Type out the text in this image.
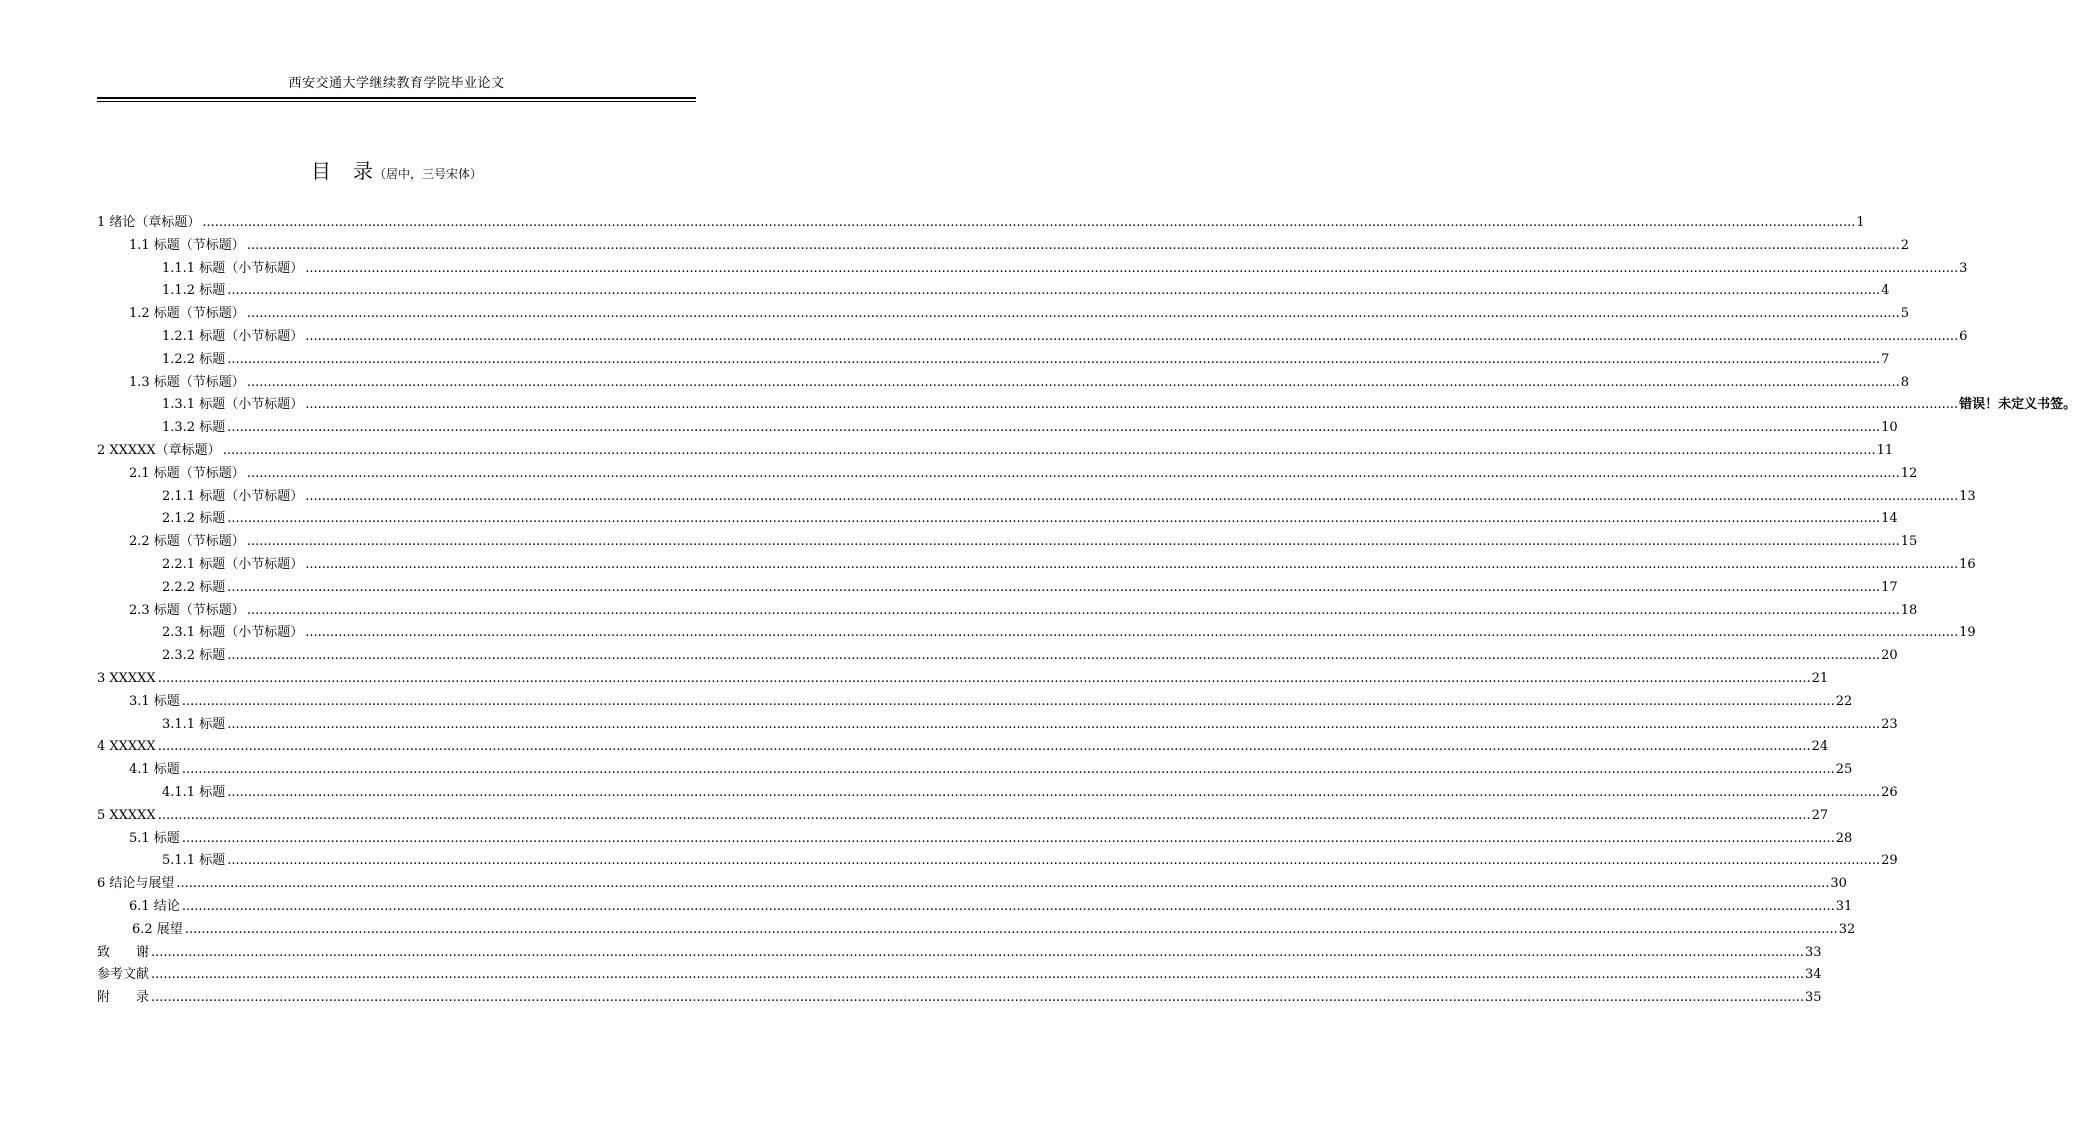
西安交通大学继续教育学院毕业论文
目　录（居中，三号宋体）
1 绪论（章标题） ................................................................................................................................................................................................................................................................................................................................................................................................................ 1
1.1 标题（节标题） ................................................................................................................................................................................................................................................................................................................................................................................................................ 2
1.1.1 标题（小节标题） ................................................................................................................................................................................................................................................................................................................................................................................................................ 3
1.1.2 标题 ................................................................................................................................................................................................................................................................................................................................................................................................................ 4
1.2 标题（节标题） ................................................................................................................................................................................................................................................................................................................................................................................................................ 5
1.2.1 标题（小节标题） ................................................................................................................................................................................................................................................................................................................................................................................................................ 6
1.2.2 标题 ................................................................................................................................................................................................................................................................................................................................................................................................................ 7
1.3 标题（节标题） ................................................................................................................................................................................................................................................................................................................................................................................................................ 8
1.3.1 标题（小节标题） ................................................................................................................................................................................................................................................................................................................................................................................................................ 错误！未定义书签。
1.3.2 标题 ................................................................................................................................................................................................................................................................................................................................................................................................................ 10
2 XXXXX（章标题） ................................................................................................................................................................................................................................................................................................................................................................................................................ 11
2.1 标题（节标题） ................................................................................................................................................................................................................................................................................................................................................................................................................ 12
2.1.1 标题（小节标题） ................................................................................................................................................................................................................................................................................................................................................................................................................ 13
2.1.2 标题 ................................................................................................................................................................................................................................................................................................................................................................................................................ 14
2.2 标题（节标题） ................................................................................................................................................................................................................................................................................................................................................................................................................ 15
2.2.1 标题（小节标题） ................................................................................................................................................................................................................................................................................................................................................................................................................ 16
2.2.2 标题 ................................................................................................................................................................................................................................................................................................................................................................................................................ 17
2.3 标题（节标题） ................................................................................................................................................................................................................................................................................................................................................................................................................ 18
2.3.1 标题（小节标题） ................................................................................................................................................................................................................................................................................................................................................................................................................ 19
2.3.2 标题 ................................................................................................................................................................................................................................................................................................................................................................................................................ 20
3 XXXXX ................................................................................................................................................................................................................................................................................................................................................................................................................ 21
3.1 标题 ................................................................................................................................................................................................................................................................................................................................................................................................................ 22
3.1.1 标题 ................................................................................................................................................................................................................................................................................................................................................................................................................ 23
4 XXXXX ................................................................................................................................................................................................................................................................................................................................................................................................................ 24
4.1 标题 ................................................................................................................................................................................................................................................................................................................................................................................................................ 25
4.1.1 标题 ................................................................................................................................................................................................................................................................................................................................................................................................................ 26
5 XXXXX ................................................................................................................................................................................................................................................................................................................................................................................................................ 27
5.1 标题 ................................................................................................................................................................................................................................................................................................................................................................................................................ 28
5.1.1 标题 ................................................................................................................................................................................................................................................................................................................................................................................................................ 29
6 结论与展望 ................................................................................................................................................................................................................................................................................................................................................................................................................ 30
6.1 结论 ................................................................................................................................................................................................................................................................................................................................................................................................................ 31
6.2 展望 ................................................................................................................................................................................................................................................................................................................................................................................................................ 32
致　　谢 ................................................................................................................................................................................................................................................................................................................................................................................................................ 33
参考文献 ................................................................................................................................................................................................................................................................................................................................................................................................................ 34
附　　录 ................................................................................................................................................................................................................................................................................................................................................................................................................ 35
